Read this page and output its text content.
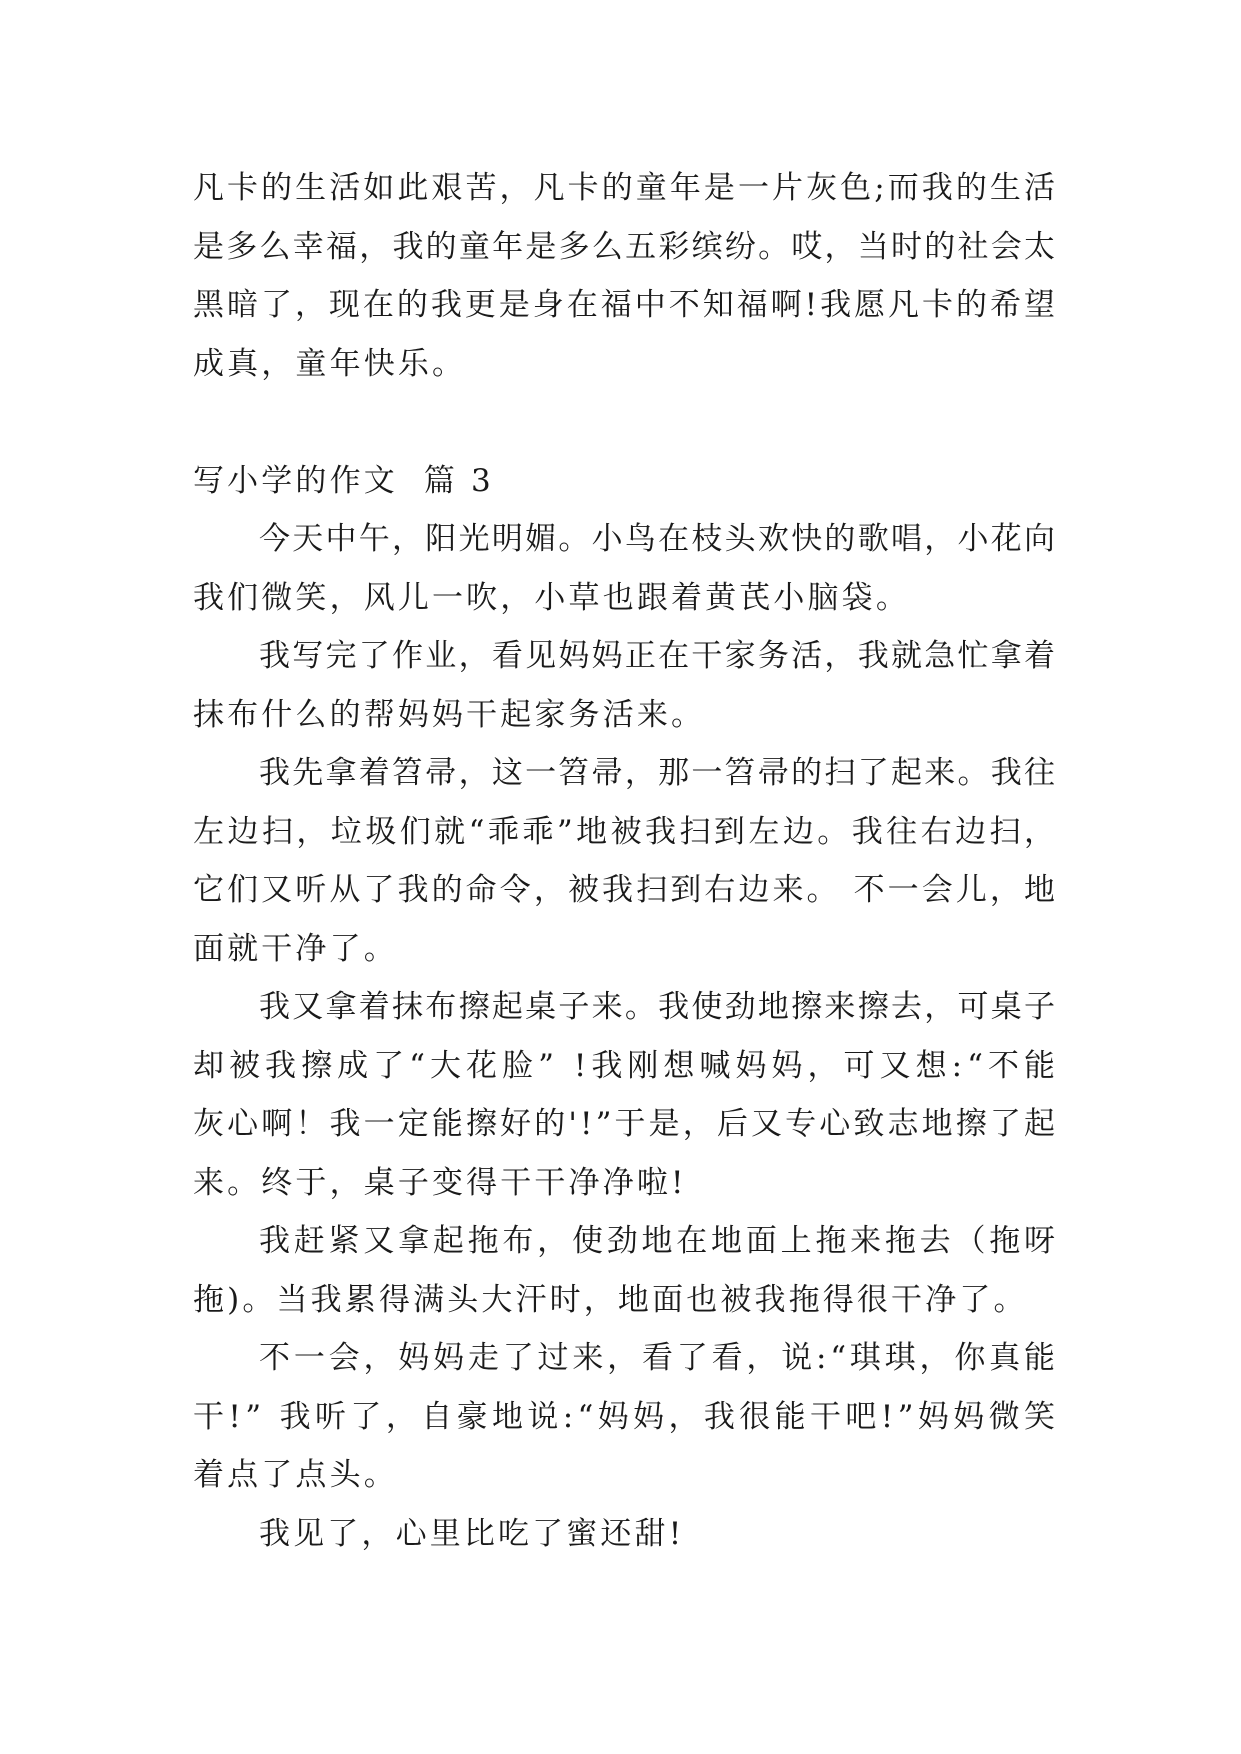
凡卡的生活如此艰苦，凡卡的童年是一片灰色;而我的生活
是多么幸福，我的童年是多么五彩缤纷。哎，当时的社会太
黑暗了，现在的我更是身在福中不知福啊!我愿凡卡的希望
成真，童年快乐。
写小学的作文  篇 3
今天中午，阳光明媚。小鸟在枝头欢快的歌唱，小花向
我们微笑，风儿一吹，小草也跟着黄芪小脑袋。
我写完了作业，看见妈妈正在干家务活，我就急忙拿着
抹布什么的帮妈妈干起家务活来。
我先拿着笤帚，这一笤帚，那一笤帚的扫了起来。我往
左边扫，垃圾们就“乖乖”地被我扫到左边。我往右边扫，
它们又听从了我的命令，被我扫到右边来。 不一会儿，地
面就干净了。
我又拿着抹布擦起桌子来。我使劲地擦来擦去，可桌子
却被我擦成了“大花脸” !我刚想喊妈妈，可又想:“不能
灰心啊！我一定能擦好的'!”于是，后又专心致志地擦了起
来。终于，桌子变得干干净净啦!
我赶紧又拿起拖布，使劲地在地面上拖来拖去（拖呀
拖)。当我累得满头大汗时，地面也被我拖得很干净了。
不一会，妈妈走了过来，看了看，说:“琪琪，你真能
干!” 我听了，自豪地说:“妈妈，我很能干吧!”妈妈微笑
着点了点头。
我见了，心里比吃了蜜还甜!
